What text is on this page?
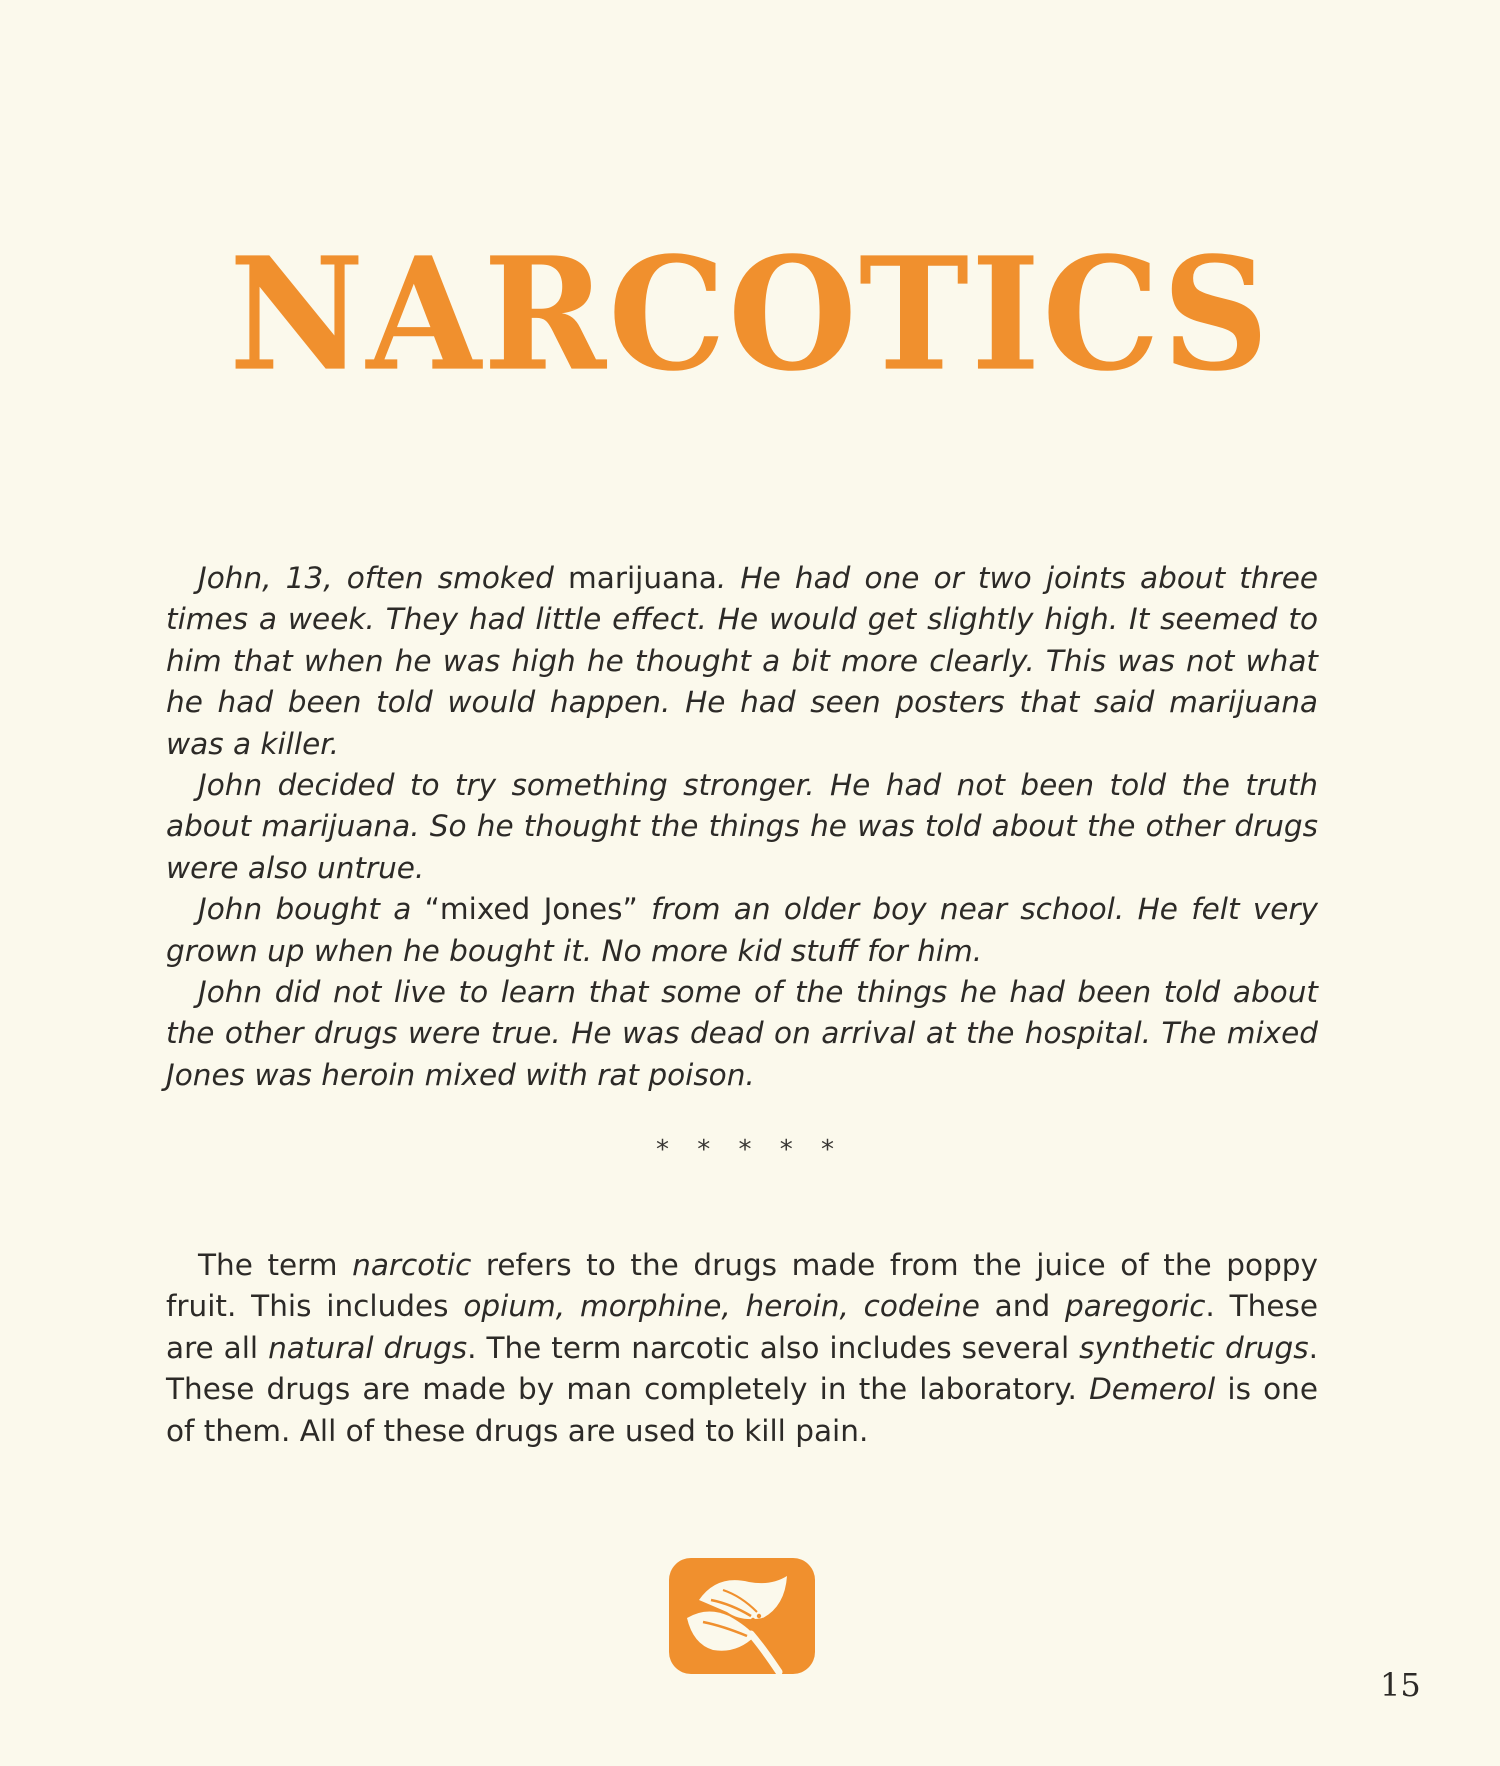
NARCOTICS

John, 13, often smoked marijuana. He had one or two joints about three times a week. They had little effect. He would get slightly high. It seemed to him that when he was high he thought a bit more clearly. This was not what he had been told would happen. He had seen posters that said marijuana was a killer.

John decided to try something stronger. He had not been told the truth about marijuana. So he thought the things he was told about the other drugs were also untrue.

John bought a “mixed Jones” from an older boy near school. He felt very grown up when he bought it. No more kid stuff for him.

John did not live to learn that some of the things he had been told about the other drugs were true. He was dead on arrival at the hospital. The mixed Jones was heroin mixed with rat poison.

* * * * *

The term narcotic refers to the drugs made from the juice of the poppy fruit. This includes opium, morphine, heroin, codeine and paregoric. These are all natural drugs. The term narcotic also includes several synthetic drugs. These drugs are made by man completely in the laboratory. Demerol is one of them. All of these drugs are used to kill pain.

15
